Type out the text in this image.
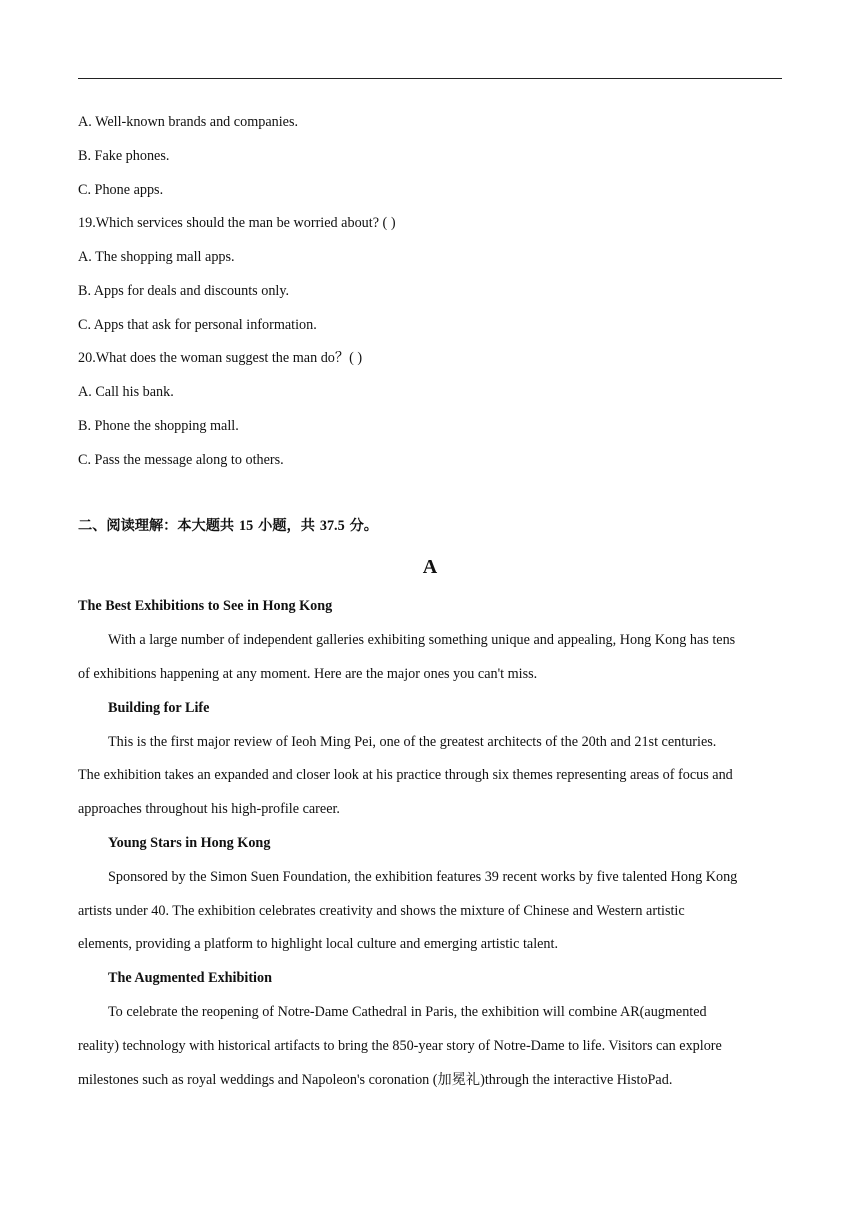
A. Well-known brands and companies.
B. Fake phones.
C. Phone apps.
19.Which services should the man be worried about? ( )
A. The shopping mall apps.
B. Apps for deals and discounts only.
C. Apps that ask for personal information.
20.What does the woman suggest the man do？( )
A. Call his bank.
B. Phone the shopping mall.
C. Pass the message along to others.
二、阅读理解：本大题共 15 小题，共 37.5 分。
A
The Best Exhibitions to See in Hong Kong
With a large number of independent galleries exhibiting something unique and appealing, Hong Kong has tens
of exhibitions happening at any moment. Here are the major ones you can't miss.
Building for Life
This is the first major review of Ieoh Ming Pei, one of the greatest architects of the 20th and 21st centuries.
The exhibition takes an expanded and closer look at his practice through six themes representing areas of focus and
approaches throughout his high-profile career.
Young Stars in Hong Kong
Sponsored by the Simon Suen Foundation, the exhibition features 39 recent works by five talented Hong Kong
artists under 40. The exhibition celebrates creativity and shows the mixture of Chinese and Western artistic
elements, providing a platform to highlight local culture and emerging artistic talent.
The Augmented Exhibition
To celebrate the reopening of Notre-Dame Cathedral in Paris, the exhibition will combine AR(augmented
reality) technology with historical artifacts to bring the 850-year story of Notre-Dame to life. Visitors can explore
milestones such as royal weddings and Napoleon's coronation (加冕礼)through the interactive HistoPad.
